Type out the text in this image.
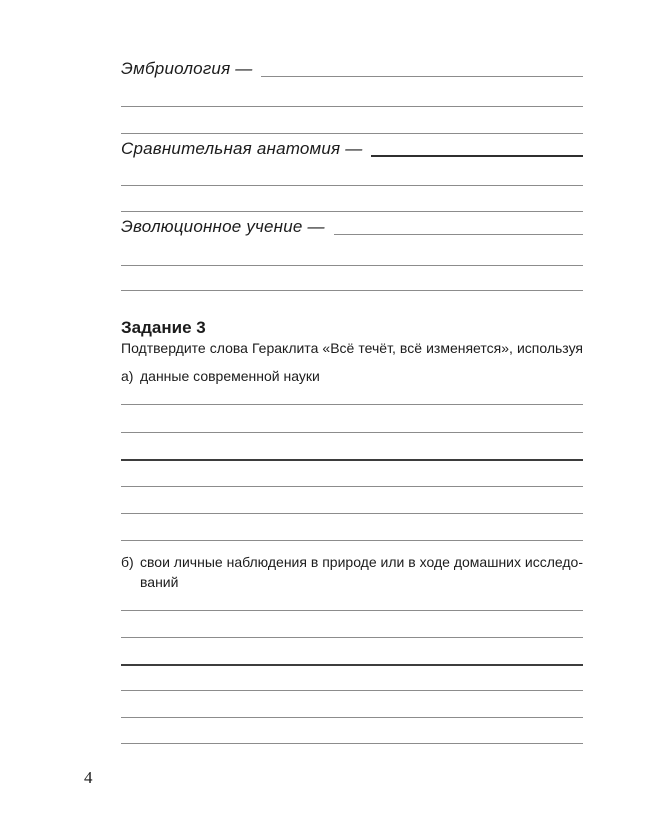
Эмбриология —
Сравнительная анатомия —
Эволюционное учение —
Задание 3

Подтвердите слова Гераклита «Всё течёт, всё изменяется», используя

а) данные современной науки
б) свои личные наблюдения в природе или в ходе домашних исследо-
ваний
4
